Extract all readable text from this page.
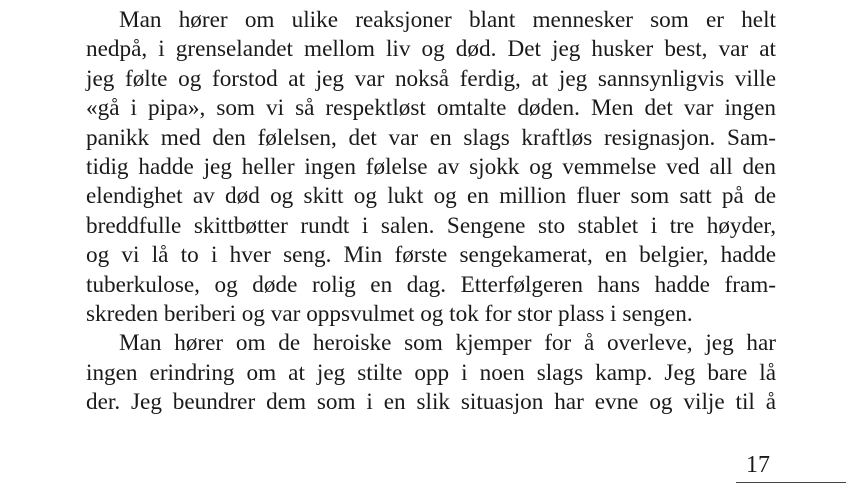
Man hører om ulike reaksjoner blant mennesker som er helt
nedpå, i grenselandet mellom liv og død. Det jeg husker best, var at
jeg følte og forstod at jeg var nokså ferdig, at jeg sannsynligvis ville
«gå i pipa», som vi så respektløst omtalte døden. Men det var ingen
panikk med den følelsen, det var en slags kraftløs resignasjon. Sam-
tidig hadde jeg heller ingen følelse av sjokk og vemmelse ved all den
elendighet av død og skitt og lukt og en million fluer som satt på de
breddfulle skittbøtter rundt i salen. Sengene sto stablet i tre høyder,
og vi lå to i hver seng. Min første sengekamerat, en belgier, hadde
tuberkulose, og døde rolig en dag. Etterfølgeren hans hadde fram-
skreden beriberi og var oppsvulmet og tok for stor plass i sengen.
Man hører om de heroiske som kjemper for å overleve, jeg har
ingen erindring om at jeg stilte opp i noen slags kamp. Jeg bare lå
der. Jeg beundrer dem som i en slik situasjon har evne og vilje til å
17
